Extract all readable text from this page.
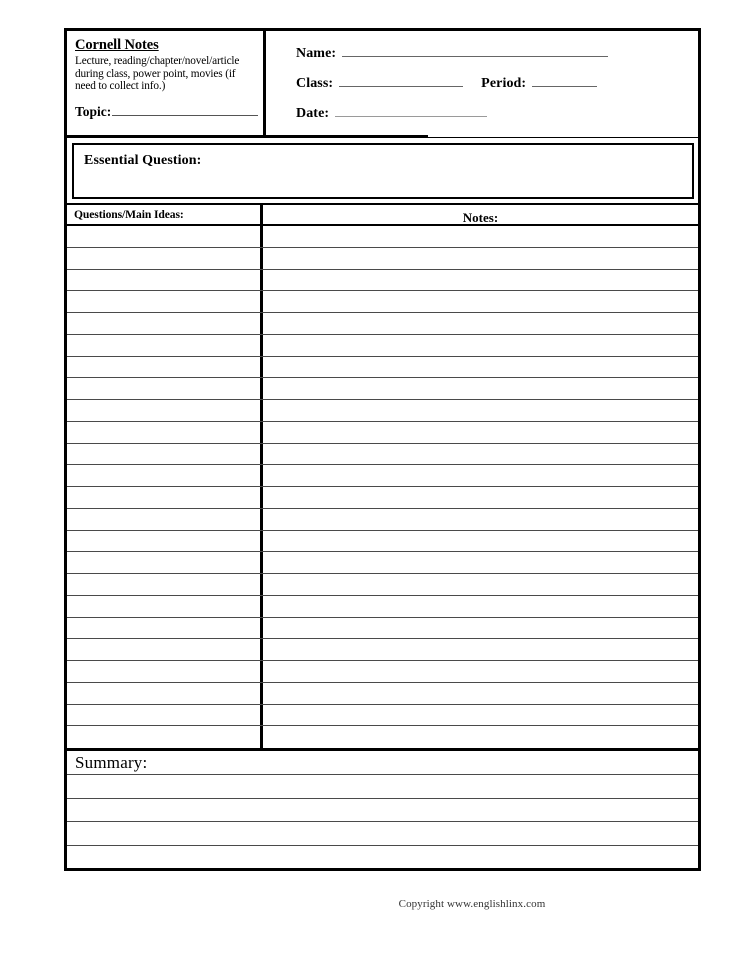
Cornell Notes
Lecture, reading/chapter/novel/article during class, power point, movies (if need to collect info.)
Topic:
Name:
Class:	Period:
Date:
Essential Question:
Questions/Main Ideas:	Notes:
Summary:
Copyright www.englishlinx.com
